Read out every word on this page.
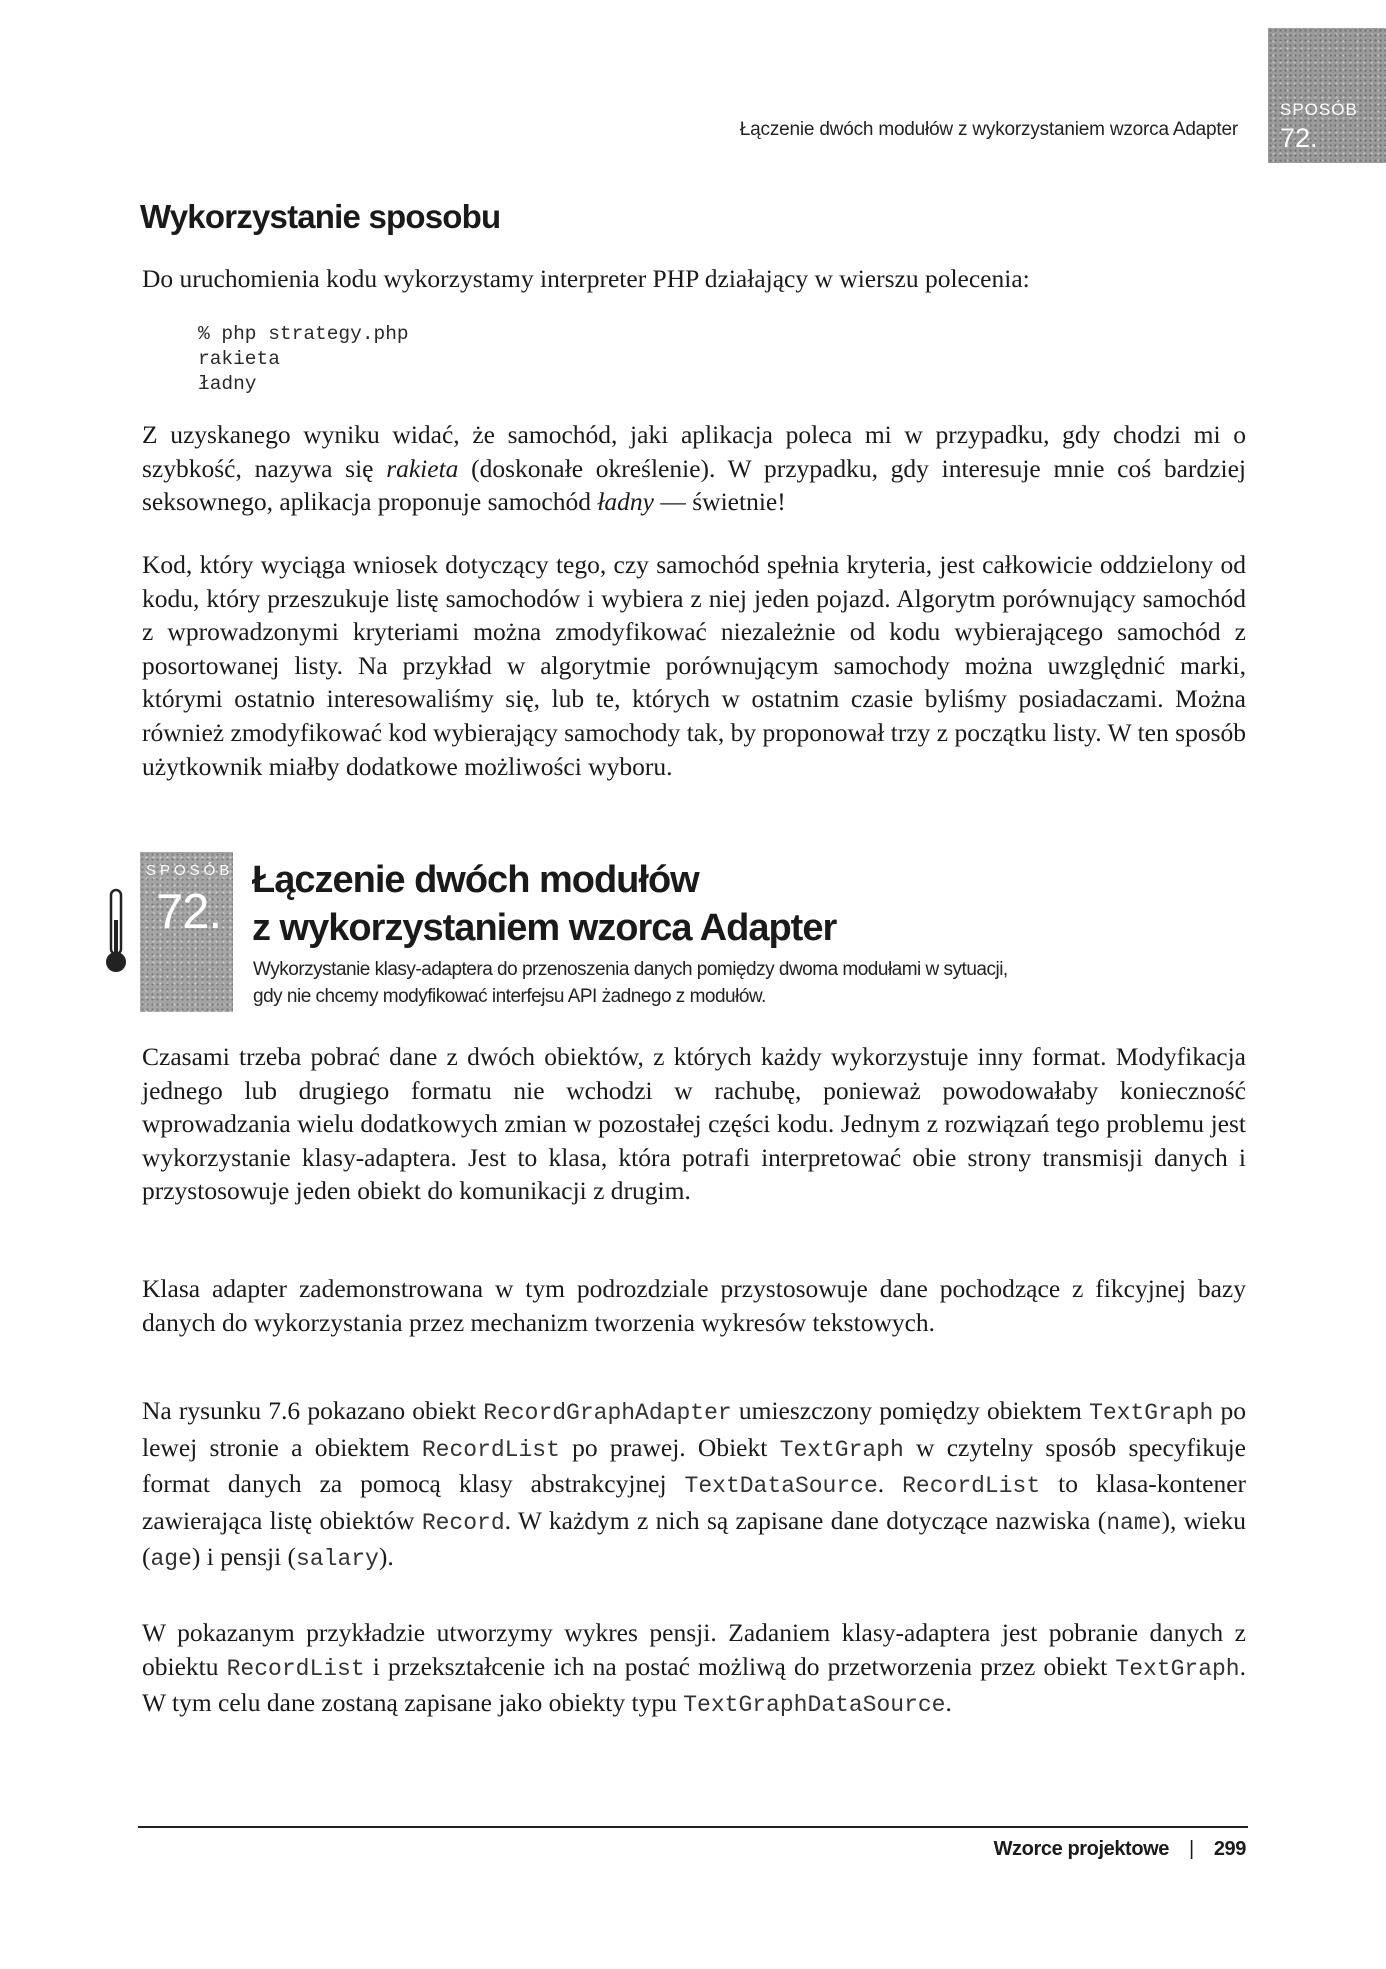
SPOSÓB
72.
Łączenie dwóch modułów z wykorzystaniem wzorca Adapter
Wykorzystanie sposobu

Do uruchomienia kodu wykorzystamy interpreter PHP działający w wierszu polecenia:

% php strategy.php
rakieta
ładny

Z uzyskanego wyniku widać, że samochód, jaki aplikacja poleca mi w przypadku, gdy chodzi mi o szybkość, nazywa się rakieta (doskonałe określenie). W przypadku, gdy interesuje mnie coś bardziej seksownego, aplikacja proponuje samochód ładny — świetnie!

Kod, który wyciąga wniosek dotyczący tego, czy samochód spełnia kryteria, jest całkowicie oddzielony od kodu, który przeszukuje listę samochodów i wybiera z niej jeden pojazd. Algorytm porównujący samochód z wprowadzonymi kryteriami można zmodyfikować niezależnie od kodu wybierającego samochód z posortowanej listy. Na przykład w algorytmie porównującym samochody można uwzględnić marki, którymi ostatnio interesowaliśmy się, lub te, których w ostatnim czasie byliśmy posiadaczami. Można również zmodyfikować kod wybierający samochody tak, by proponował trzy z początku listy. W ten sposób użytkownik miałby dodatkowe możliwości wyboru.

SPOSÓB
72.
Łączenie dwóch modułów
z wykorzystaniem wzorca Adapter

Wykorzystanie klasy-adaptera do przenoszenia danych pomiędzy dwoma modułami w sytuacji,
gdy nie chcemy modyfikować interfejsu API żadnego z modułów.

Czasami trzeba pobrać dane z dwóch obiektów, z których każdy wykorzystuje inny format. Modyfikacja jednego lub drugiego formatu nie wchodzi w rachubę, ponieważ powodowałaby konieczność wprowadzania wielu dodatkowych zmian w pozostałej części kodu. Jednym z rozwiązań tego problemu jest wykorzystanie klasy-adaptera. Jest to klasa, która potrafi interpretować obie strony transmisji danych i przystosowuje jeden obiekt do komunikacji z drugim.

Klasa adapter zademonstrowana w tym podrozdziale przystosowuje dane pochodzące z fikcyjnej bazy danych do wykorzystania przez mechanizm tworzenia wykresów tekstowych.

Na rysunku 7.6 pokazano obiekt RecordGraphAdapter umieszczony pomiędzy obiektem TextGraph po lewej stronie a obiektem RecordList po prawej. Obiekt TextGraph w czytelny sposób specyfikuje format danych za pomocą klasy abstrakcyjnej TextDataSource. RecordList to klasa-kontener zawierająca listę obiektów Record. W każdym z nich są zapisane dane dotyczące nazwiska (name), wieku (age) i pensji (salary).

W pokazanym przykładzie utworzymy wykres pensji. Zadaniem klasy-adaptera jest pobranie danych z obiektu RecordList i przekształcenie ich na postać możliwą do przetworzenia przez obiekt TextGraph. W tym celu dane zostaną zapisane jako obiekty typu TextGraphDataSource.

Wzorce projektowe | 299
